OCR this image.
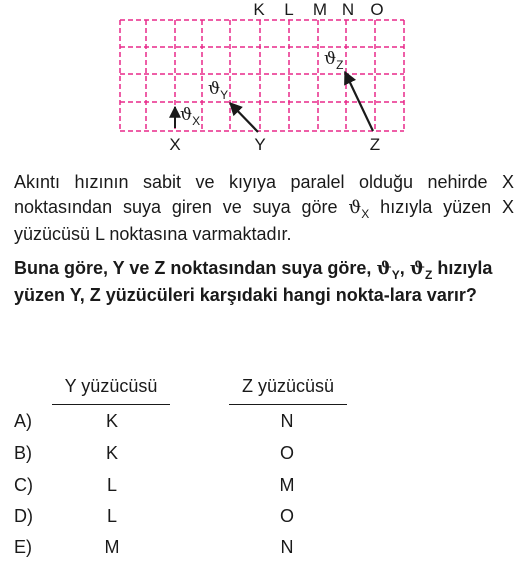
K L M N O
X	Y	Z
$ϑ_X$
$ϑ_Y$
$ϑ_Z$
Akıntı hızının sabit ve kıyıya paralel olduğu nehirde X noktasından suya giren ve suya göre $ϑ_X$ hızıyla yüzen X yüzücüsü L noktasına varmaktadır.
Buna göre, Y ve Z noktasından suya göre, $ϑ_Y$, $ϑ_Z$ hızıyla yüzen Y, Z yüzücüleri karşıdaki hangi nokta-lara varır?
Y yüzücüsü	Z yüzücüsü
A)	K	N
B)	K	O
C)	L	M
D)	L	O
E)	M	N
